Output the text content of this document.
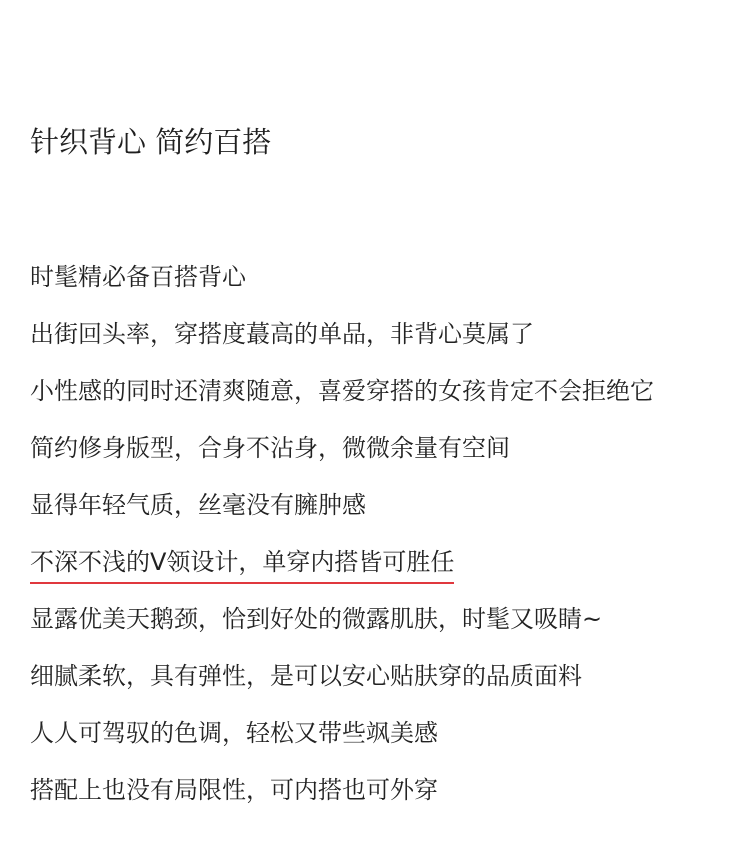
针织背心 简约百搭
时髦精必备百搭背心
出街回头率，穿搭度蕞高的单品，非背心莫属了
小性感的同时还清爽随意，喜爱穿搭的女孩肯定不会拒绝它
简约修身版型，合身不沾身，微微余量有空间
显得年轻气质，丝毫没有臃肿感
不深不浅的V领设计，单穿内搭皆可胜任
显露优美天鹅颈，恰到好处的微露肌肤，时髦又吸睛~
细腻柔软，具有弹性，是可以安心贴肤穿的品质面料
人人可驾驭的色调，轻松又带些飒美感
搭配上也没有局限性，可内搭也可外穿
